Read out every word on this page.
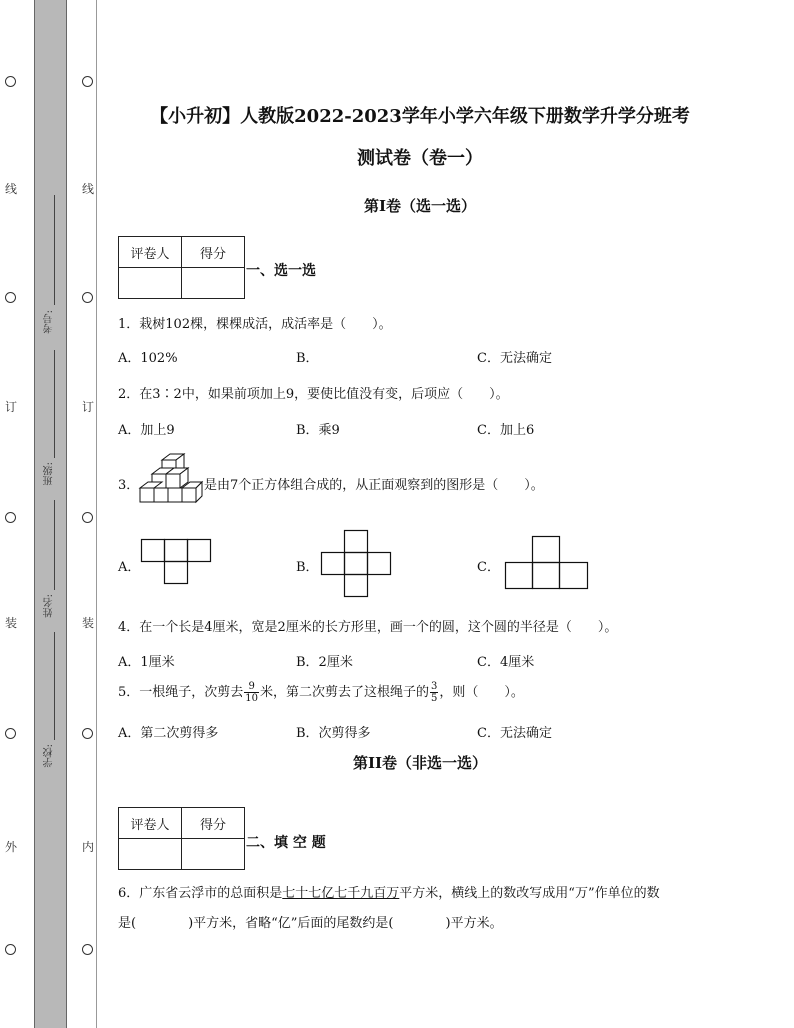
线
订
装
外
线
订
装
内
考号:
班级:
姓名:
学校:
【小升初】人教版2022-2023学年小学六年级下册数学升学分班考
测试卷（卷一）
第I卷（选一选）
评卷人	得分

一、选一选
1．栽树102棵，棵棵成活，成活率是（　　）。
A．102%	B．	C．无法确定
2．在3∶2中，如果前项加上9，要使比值没有变，后项应（　　）。
A．加上9	B．乘9	C．加上6
3．	是由7个正方体组合成的，从正面观察到的图形是（　　）。
A．	B．	C．
4．在一个长是4厘米，宽是2厘米的长方形里，画一个的圆，这个圆的半径是（　　）。
A．1厘米	B．2厘米	C．4厘米
5．一根绳子，次剪去 $\frac{9}{10}$ 米，第二次剪去了这根绳子的 $\frac{3}{5}$ ，则（　　）。
A．第二次剪得多	B．次剪得多	C．无法确定
第II卷（非选一选）
评卷人	得分

二、填 空 题
6．广东省云浮市的总面积是七十七亿七千九百万平方米，横线上的数改写成用“万”作单位的数
是(　　　　)平方米，省略“亿”后面的尾数约是(　　　　)平方米。
